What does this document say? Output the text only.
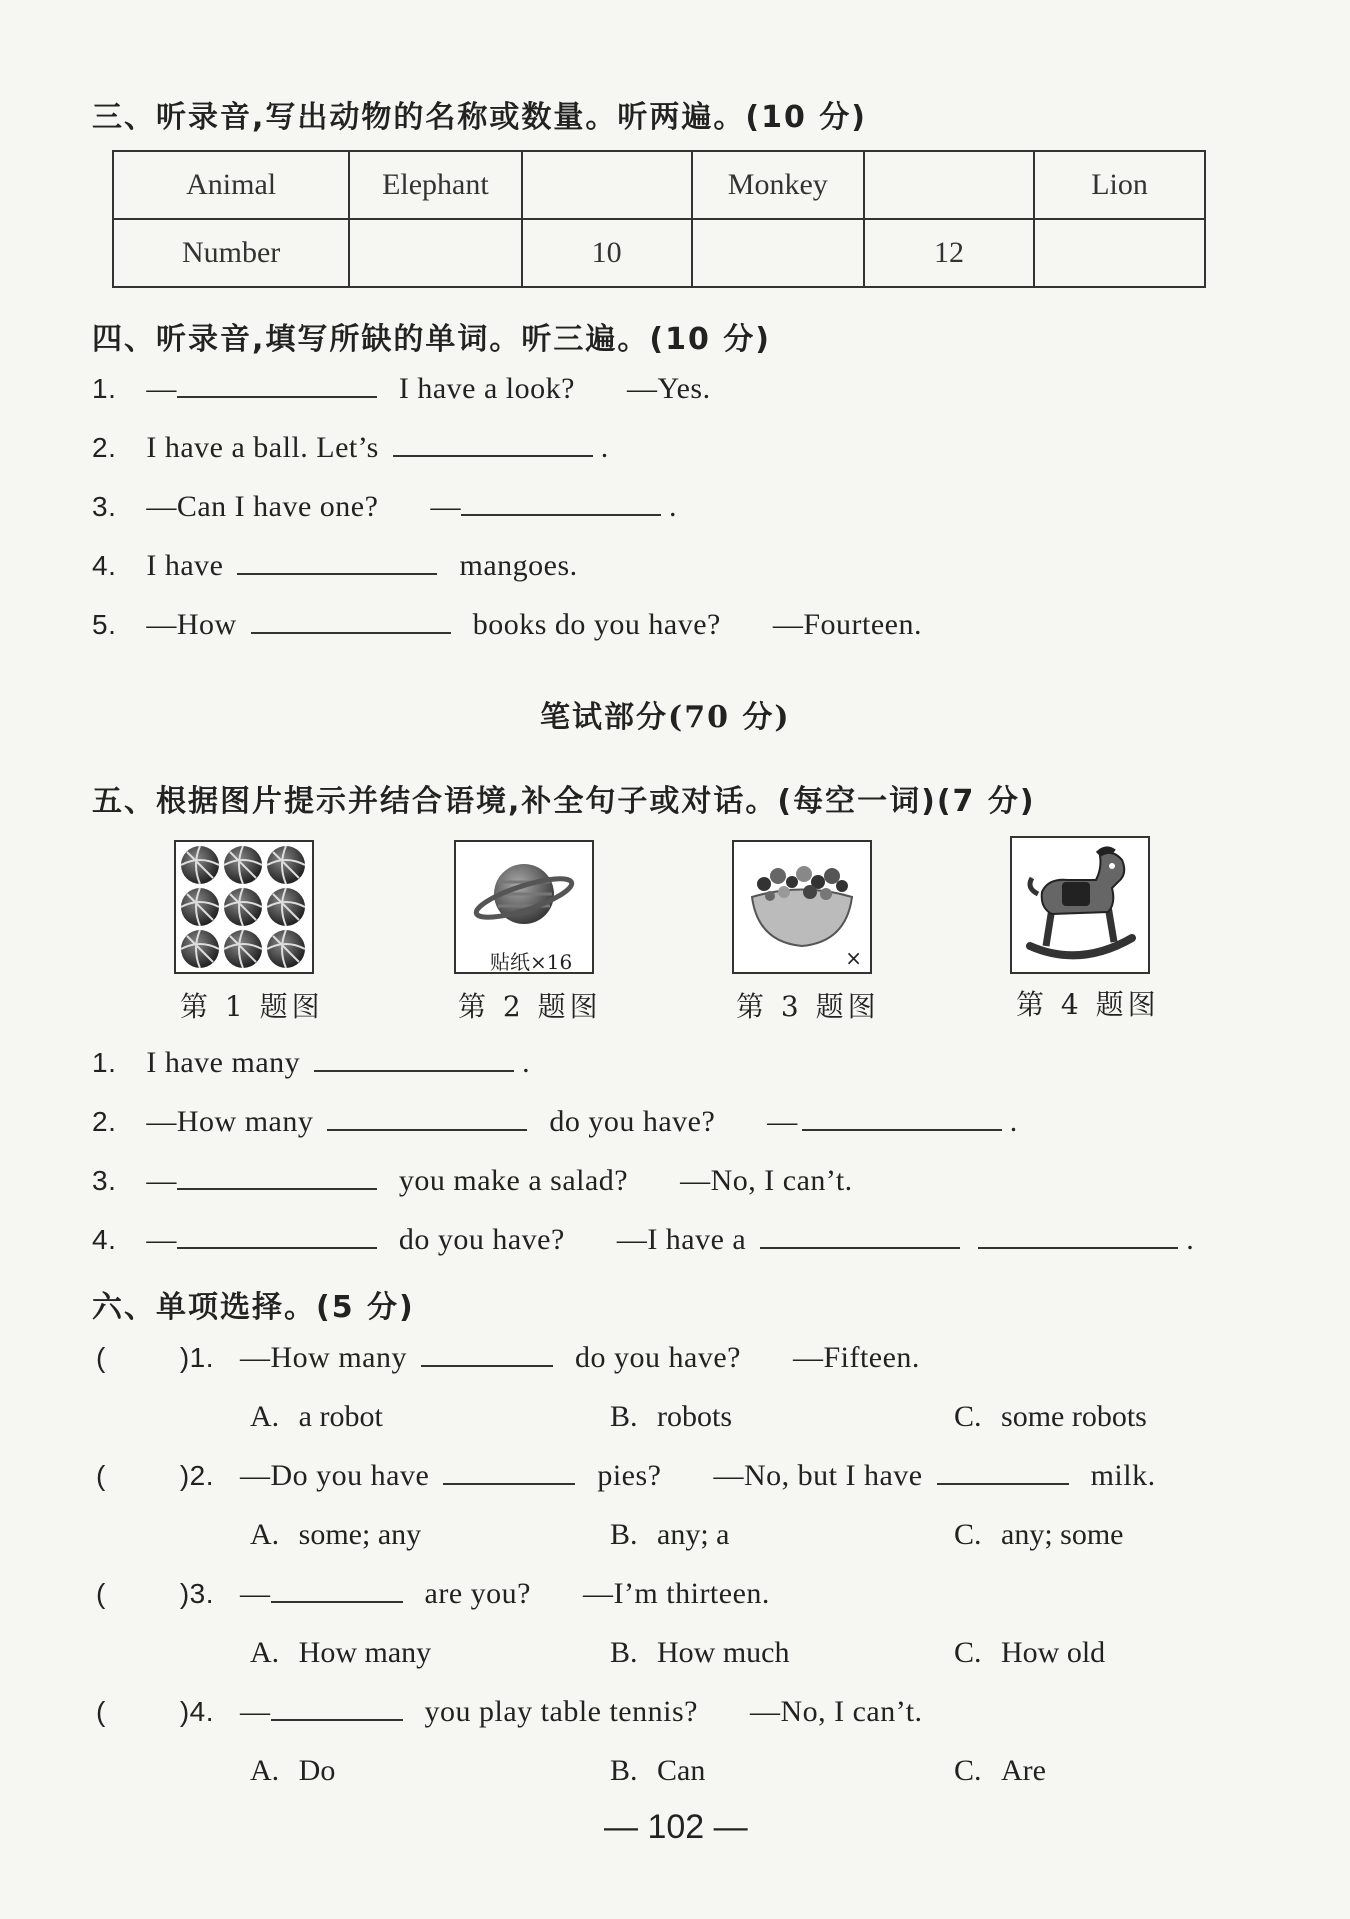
三、听录音,写出动物的名称或数量。听两遍。(10 分)
Animal	Elephant		Monkey		Lion
Number		10		12	
四、听录音,填写所缺的单词。听三遍。(10 分)
1. —	I have a look? —Yes.
2. I have a ball. Let’s	.
3. —Can I have one? —	.
4. I have	mangoes.
5. —How	books do you have? —Fourteen.
笔试部分(70 分)
五、根据图片提示并结合语境,补全句子或对话。(每空一词)(7 分)
第 1 题图
贴纸×16
第 2 题图
×
第 3 题图	第 4 题图
1. I have many	.
2. —How many	do you have? —	.
3. —	you make a salad? —No, I can’t.
4. —	do you have? —I have a	.
六、单项选择。(5 分)
(	)1. —How many	do you have? —Fifteen.
A. a robot	B. robots	C. some robots
(	)2. —Do you have	pies? —No, but I have	milk.
A. some; any	B. any; a	C. any; some
(	)3. —	are you? —I’m thirteen.
A. How many	B. How much	C. How old
(	)4. —	you play table tennis? —No, I can’t.
A. Do	B. Can	C. Are
— 102 —
